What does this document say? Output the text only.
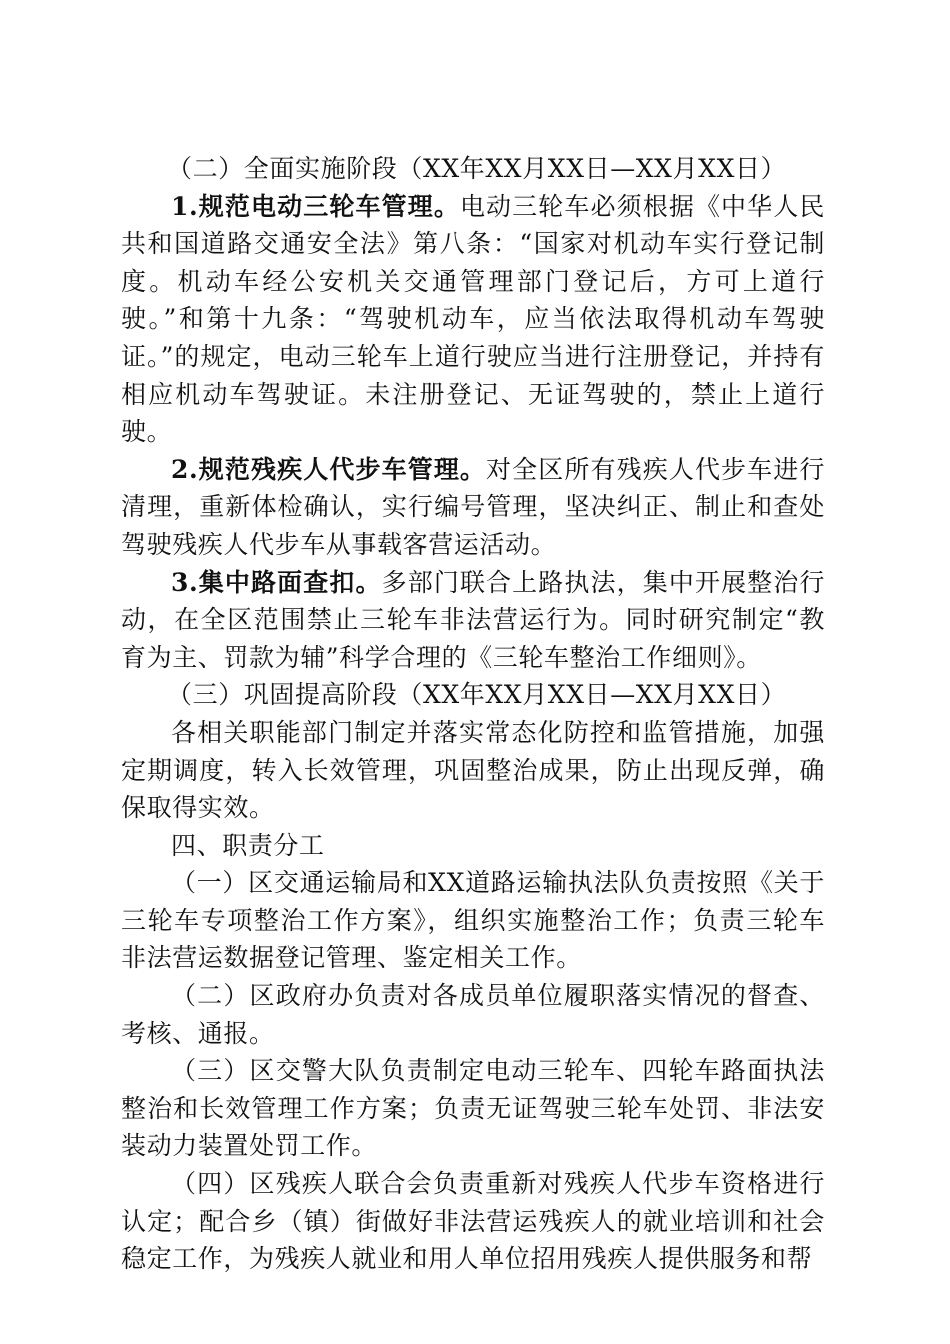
（二）全面实施阶段（XX年XX月XX日—XX月XX日）

1.规范电动三轮车管理。电动三轮车必须根据《中华人民共和国道路交通安全法》第八条：“国家对机动车实行登记制度。机动车经公安机关交通管理部门登记后，方可上道行驶。”和第十九条：“驾驶机动车，应当依法取得机动车驾驶证。”的规定，电动三轮车上道行驶应当进行注册登记，并持有相应机动车驾驶证。未注册登记、无证驾驶的，禁止上道行驶。

2.规范残疾人代步车管理。对全区所有残疾人代步车进行清理，重新体检确认，实行编号管理，坚决纠正、制止和查处驾驶残疾人代步车从事载客营运活动。

3.集中路面查扣。多部门联合上路执法，集中开展整治行动，在全区范围禁止三轮车非法营运行为。同时研究制定“教育为主、罚款为辅”科学合理的《三轮车整治工作细则》。

（三）巩固提高阶段（XX年XX月XX日—XX月XX日）

各相关职能部门制定并落实常态化防控和监管措施，加强定期调度，转入长效管理，巩固整治成果，防止出现反弹，确保取得实效。

四、职责分工

（一）区交通运输局和XX道路运输执法队负责按照《关于三轮车专项整治工作方案》，组织实施整治工作；负责三轮车非法营运数据登记管理、鉴定相关工作。

（二）区政府办负责对各成员单位履职落实情况的督查、考核、通报。

（三）区交警大队负责制定电动三轮车、四轮车路面执法整治和长效管理工作方案；负责无证驾驶三轮车处罚、非法安装动力装置处罚工作。

（四）区残疾人联合会负责重新对残疾人代步车资格进行认定；配合乡（镇）街做好非法营运残疾人的就业培训和社会稳定工作，为残疾人就业和用人单位招用残疾人提供服务和帮
